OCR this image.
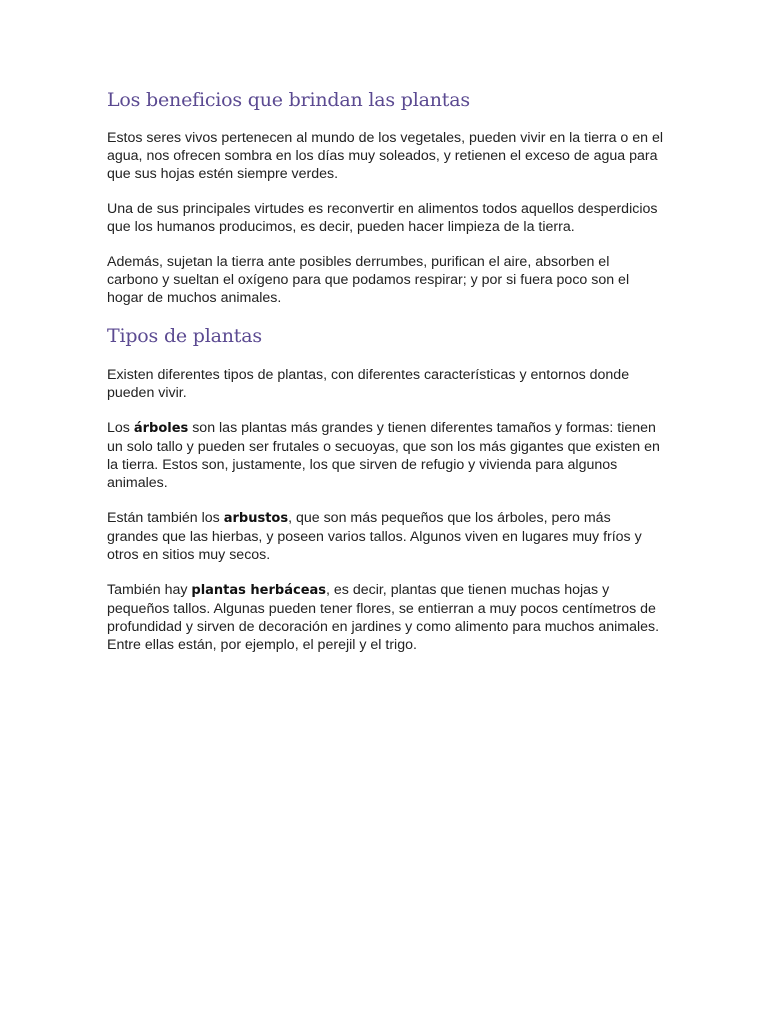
Los beneficios que brindan las plantas

Estos seres vivos pertenecen al mundo de los vegetales, pueden vivir en la tierra o en el agua, nos ofrecen sombra en los días muy soleados, y retienen el exceso de agua para que sus hojas estén siempre verdes.

Una de sus principales virtudes es reconvertir en alimentos todos aquellos desperdicios que los humanos producimos, es decir, pueden hacer limpieza de la tierra.

Además, sujetan la tierra ante posibles derrumbes, purifican el aire, absorben el carbono y sueltan el oxígeno para que podamos respirar; y por si fuera poco son el hogar de muchos animales.

Tipos de plantas

Existen diferentes tipos de plantas, con diferentes características y entornos donde pueden vivir.

Los árboles son las plantas más grandes y tienen diferentes tamaños y formas: tienen un solo tallo y pueden ser frutales o secuoyas, que son los más gigantes que existen en la tierra. Estos son, justamente, los que sirven de refugio y vivienda para algunos animales.

Están también los arbustos, que son más pequeños que los árboles, pero más grandes que las hierbas, y poseen varios tallos. Algunos viven en lugares muy fríos y otros en sitios muy secos.

También hay plantas herbáceas, es decir, plantas que tienen muchas hojas y pequeños tallos. Algunas pueden tener flores, se entierran a muy pocos centímetros de profundidad y sirven de decoración en jardines y como alimento para muchos animales. Entre ellas están, por ejemplo, el perejil y el trigo.
